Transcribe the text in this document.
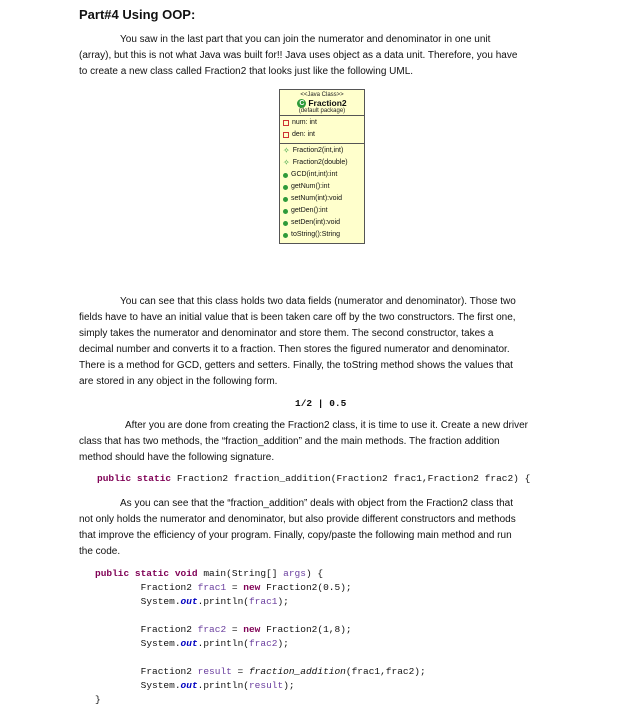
Part#4 Using OOP:

You saw in the last part that you can join the numerator and denominator in one unit
(array), but this is not what Java was built for!! Java uses object as a data unit. Therefore, you have
to create a new class called Fraction2 that looks just like the following UML.

<<Java Class>>
C Fraction2
(default package)
num: int
den: int
✧ Fraction2(int,int)
✧ Fraction2(double)
GCD(int,int):int
getNum():int
setNum(int):void
getDen():int
setDen(int):void
toString():String

You can see that this class holds two data fields (numerator and denominator). Those two
fields have to have an initial value that is been taken care off by the two constructors. The first one,
simply takes the numerator and denominator and store them. The second constructor, takes a
decimal number and converts it to a fraction. Then stores the figured numerator and denominator.
There is a method for GCD, getters and setters. Finally, the toString method shows the values that
are stored in any object in the following form.

1/2 | 0.5

After you are done from creating the Fraction2 class, it is time to use it. Create a new driver
class that has two methods, the “fraction_addition” and the main methods. The fraction addition
method should have the following signature.

public static Fraction2 fraction_addition(Fraction2 frac1,Fraction2 frac2) {

As you can see that the “fraction_addition” deals with object from the Fraction2 class that
not only holds the numerator and denominator, but also provide different constructors and methods
that improve the efficiency of your program. Finally, copy/paste the following main method and run
the code.

public static void main(String[] args) {
Fraction2 frac1 = new Fraction2(0.5);
System.out.println(frac1);

Fraction2 frac2 = new Fraction2(1,8);
System.out.println(frac2);

Fraction2 result = fraction_addition(frac1,frac2);
System.out.println(result);
}
